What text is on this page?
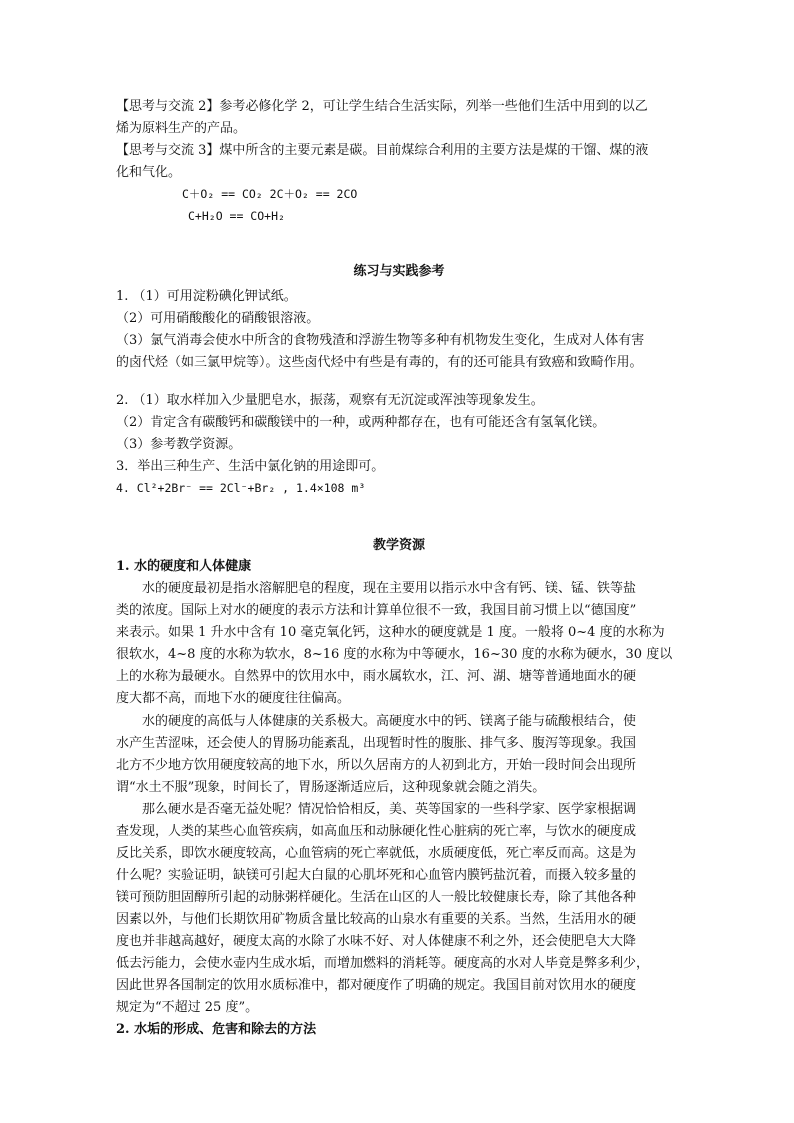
【思考与交流 2】参考必修化学 2，可让学生结合生活实际，列举一些他们生活中用到的以乙
烯为原料生产的产品。
【思考与交流 3】煤中所含的主要元素是碳。目前煤综合利用的主要方法是煤的干馏、煤的液
化和气化。
C＋O₂ == CO₂ 2C＋O₂ == 2CO
C+H₂O == CO+H₂
练习与实践参考
1. （1）可用淀粉碘化钾试纸。
（2）可用硝酸酸化的硝酸银溶液。
（3）氯气消毒会使水中所含的食物残渣和浮游生物等多种有机物发生变化，生成对人体有害
的卤代烃（如三氯甲烷等）。这些卤代烃中有些是有毒的，有的还可能具有致癌和致畸作用。
2. （1）取水样加入少量肥皂水，振荡，观察有无沉淀或浑浊等现象发生。
（2）肯定含有碳酸钙和碳酸镁中的一种，或两种都存在，也有可能还含有氢氧化镁。
（3）参考教学资源。
3．举出三种生产、生活中氯化钠的用途即可。
4. Cl²+2Br⁻ == 2Cl⁻+Br₂ , 1.4×108 m³
教学资源
1. 水的硬度和人体健康
水的硬度最初是指水溶解肥皂的程度，现在主要用以指示水中含有钙、镁、锰、铁等盐
类的浓度。国际上对水的硬度的表示方法和计算单位很不一致，我国目前习惯上以“德国度”
来表示。如果 1 升水中含有 10 毫克氧化钙，这种水的硬度就是 1 度。一般将 0~4 度的水称为
很软水，4~8 度的水称为软水，8~16 度的水称为中等硬水，16~30 度的水称为硬水，30 度以
上的水称为最硬水。自然界中的饮用水中，雨水属软水，江、河、湖、塘等普通地面水的硬
度大都不高，而地下水的硬度往往偏高。
水的硬度的高低与人体健康的关系极大。高硬度水中的钙、镁离子能与硫酸根结合，使
水产生苦涩味，还会使人的胃肠功能紊乱，出现暂时性的腹胀、排气多、腹泻等现象。我国
北方不少地方饮用硬度较高的地下水，所以久居南方的人初到北方，开始一段时间会出现所
谓“水土不服”现象，时间长了，胃肠逐渐适应后，这种现象就会随之消失。
那么硬水是否毫无益处呢？情况恰恰相反，美、英等国家的一些科学家、医学家根据调
查发现，人类的某些心血管疾病，如高血压和动脉硬化性心脏病的死亡率，与饮水的硬度成
反比关系，即饮水硬度较高，心血管病的死亡率就低，水质硬度低，死亡率反而高。这是为
什么呢？实验证明，缺镁可引起大白鼠的心肌坏死和心血管内膜钙盐沉着，而摄入较多量的
镁可预防胆固醇所引起的动脉粥样硬化。生活在山区的人一般比较健康长寿，除了其他各种
因素以外，与他们长期饮用矿物质含量比较高的山泉水有重要的关系。当然，生活用水的硬
度也并非越高越好，硬度太高的水除了水味不好、对人体健康不利之外，还会使肥皂大大降
低去污能力，会使水壶内生成水垢，而增加燃料的消耗等。硬度高的水对人毕竟是弊多利少，
因此世界各国制定的饮用水质标准中，都对硬度作了明确的规定。我国目前对饮用水的硬度
规定为“不超过 25 度”。
2. 水垢的形成、危害和除去的方法
